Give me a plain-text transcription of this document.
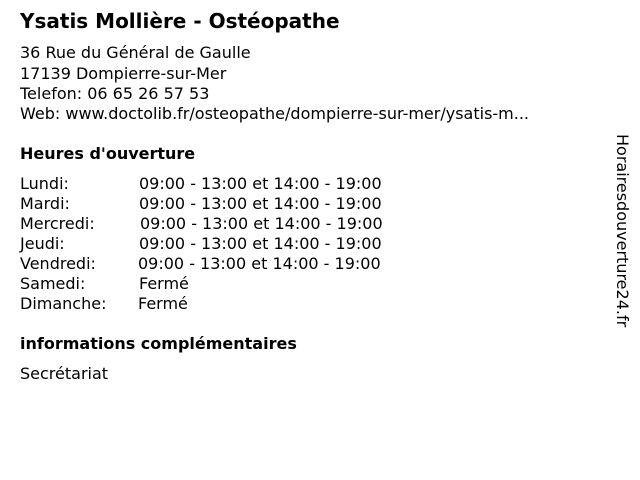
Ysatis Mollière - Ostéopathe
36 Rue du Général de Gaulle
17139 Dompierre-sur-Mer
Telefon: 06 65 26 57 53
Web: www.doctolib.fr/osteopathe/dompierre-sur-mer/ysatis-m...
Heures d'ouverture
Lundi:	09:00 - 13:00 et 14:00 - 19:00
Mardi:	09:00 - 13:00 et 14:00 - 19:00
Mercredi:	09:00 - 13:00 et 14:00 - 19:00
Jeudi:	09:00 - 13:00 et 14:00 - 19:00
Vendredi:	09:00 - 13:00 et 14:00 - 19:00
Samedi:	Fermé
Dimanche: Fermé
informations complémentaires
Secrétariat
Horairesdouverture24.fr
